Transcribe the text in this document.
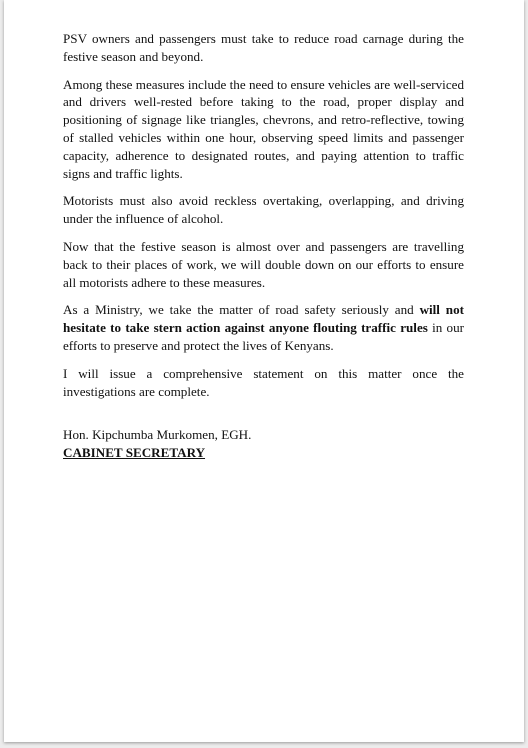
PSV owners and passengers must take to reduce road carnage during the festive season and beyond.

Among these measures include the need to ensure vehicles are well-serviced and drivers well-rested before taking to the road, proper display and positioning of signage like triangles, chevrons, and retro-reflective, towing of stalled vehicles within one hour, observing speed limits and passenger capacity, adherence to designated routes, and paying attention to traffic signs and traffic lights.

Motorists must also avoid reckless overtaking, overlapping, and driving under the influence of alcohol.

Now that the festive season is almost over and passengers are travelling back to their places of work, we will double down on our efforts to ensure all motorists adhere to these measures.

As a Ministry, we take the matter of road safety seriously and will not hesitate to take stern action against anyone flouting traffic rules in our efforts to preserve and protect the lives of Kenyans.

I will issue a comprehensive statement on this matter once the investigations are complete.

Hon. Kipchumba Murkomen, EGH.
CABINET SECRETARY
